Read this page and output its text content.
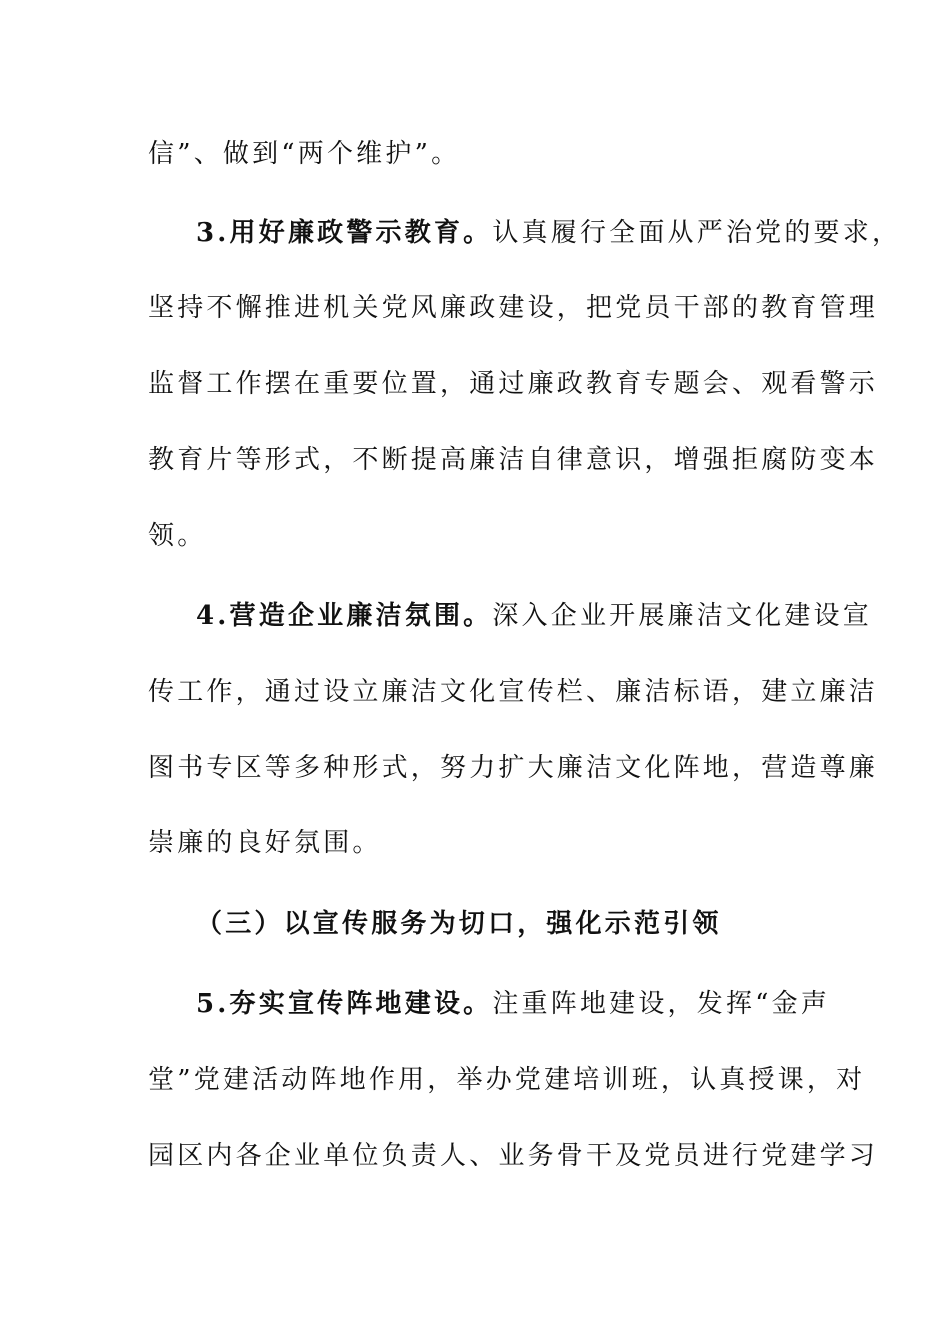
信”、做到“两个维护”。
3.用好廉政警示教育。认真履行全面从严治党的要求，
坚持不懈推进机关党风廉政建设，把党员干部的教育管理
监督工作摆在重要位置，通过廉政教育专题会、观看警示
教育片等形式，不断提高廉洁自律意识，增强拒腐防变本
领。
4.营造企业廉洁氛围。深入企业开展廉洁文化建设宣
传工作，通过设立廉洁文化宣传栏、廉洁标语，建立廉洁
图书专区等多种形式，努力扩大廉洁文化阵地，营造尊廉
崇廉的良好氛围。
（三）以宣传服务为切口，强化示范引领
5.夯实宣传阵地建设。注重阵地建设，发挥“金声
堂”党建活动阵地作用，举办党建培训班，认真授课，对
园区内各企业单位负责人、业务骨干及党员进行党建学习
